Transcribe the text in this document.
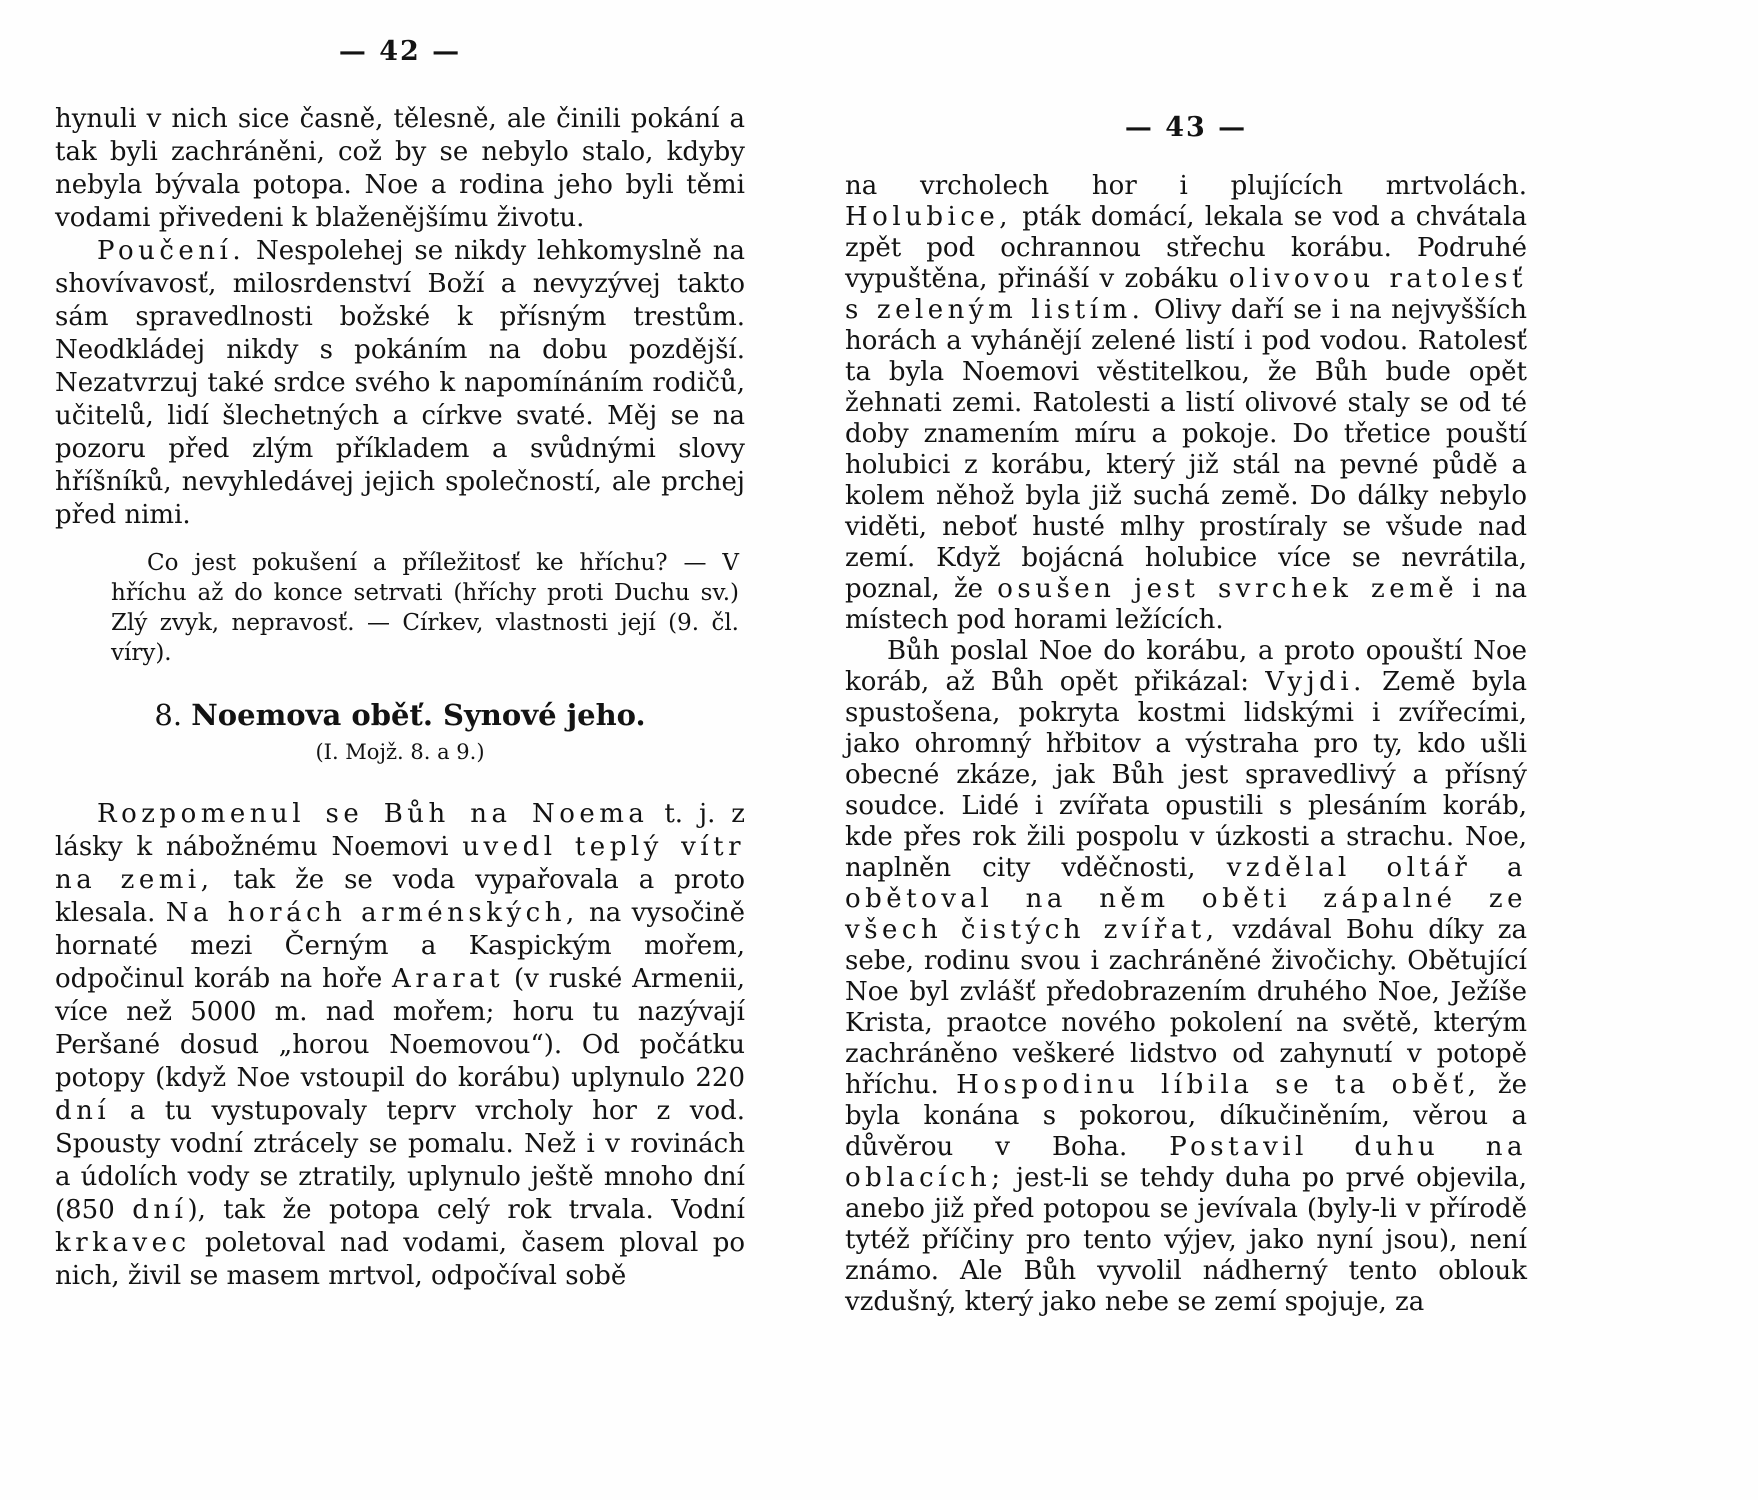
— 42 —

hynuli v nich sice časně, tělesně, ale činili pokání a tak byli zachráněni, což by se nebylo stalo, kdyby nebyla bývala potopa. Noe a rodina jeho byli těmi vodami přivedeni k blaženějšímu životu.

Poučení. Nespolehej se nikdy lehkomyslně na shovívavosť, milosrdenství Boží a nevyzývej takto sám spravedlnosti božské k přísným trestům. Neodkládej nikdy s pokáním na dobu pozdější. Nezatvrzuj také srdce svého k napomínáním rodičů, učitelů, lidí šlechetných a církve svaté. Měj se na pozoru před zlým příkladem a svůdnými slovy hříšníků, nevyhledávej jejich společností, ale prchej před nimi.

Co jest pokušení a příležitosť ke hříchu? — V hříchu až do konce setrvati (hříchy proti Duchu sv.) Zlý zvyk, nepravosť. — Církev, vlastnosti její (9. čl. víry).
8. Noemova oběť. Synové jeho.
(I. Mojž. 8. a 9.)

Rozpomenul se Bůh na Noema t. j. z lásky k nábožnému Noemovi uvedl teplý vítr na zemi, tak že se voda vypařovala a proto klesala. Na horách arménských, na vysočině hornaté mezi Černým a Kaspickým mořem, odpočinul koráb na hoře Ararat (v ruské Armenii, více než 5000 m. nad mořem; horu tu nazývají Peršané dosud „horou Noemovou“). Od počátku potopy (když Noe vstoupil do korábu) uplynulo 220 dní a tu vystupovaly teprv vrcholy hor z vod. Spousty vodní ztrácely se pomalu. Než i v rovinách a údolích vody se ztratily, uplynulo ještě mnoho dní (850 dní), tak že potopa celý rok trvala. Vodní krkavec poletoval nad vodami, časem ploval po nich, živil se masem mrtvol, odpočíval sobě

— 43 —

na vrcholech hor i plujících mrtvolách. Holubice, pták domácí, lekala se vod a chvátala zpět pod ochrannou střechu korábu. Podruhé vypuštěna, přináší v zobáku olivovou ratolesť s zeleným listím. Olivy daří se i na nejvyšších horách a vyhánějí zelené listí i pod vodou. Ratolesť ta byla Noemovi věstitelkou, že Bůh bude opět žehnati zemi. Ratolesti a listí olivové staly se od té doby znamením míru a pokoje. Do třetice pouští holubici z korábu, který již stál na pevné půdě a kolem něhož byla již suchá země. Do dálky nebylo viděti, neboť husté mlhy prostíraly se všude nad zemí. Když bojácná holubice více se nevrátila, poznal, že osušen jest svrchek země i na místech pod horami ležících.

Bůh poslal Noe do korábu, a proto opouští Noe koráb, až Bůh opět přikázal: Vyjdi. Země byla spustošena, pokryta kostmi lidskými i zvířecími, jako ohromný hřbitov a výstraha pro ty, kdo ušli obecné zkáze, jak Bůh jest spravedlivý a přísný soudce. Lidé i zvířata opustili s plesáním koráb, kde přes rok žili pospolu v úzkosti a strachu. Noe, naplněn city vděčnosti, vzdělal oltář a obětoval na něm oběti zápalné ze všech čistých zvířat, vzdával Bohu díky za sebe, rodinu svou i zachráněné živočichy. Obětující Noe byl zvlášť předobrazením druhého Noe, Ježíše Krista, praotce nového pokolení na světě, kterým zachráněno veškeré lidstvo od zahynutí v potopě hříchu. Hospodinu líbila se ta oběť, že byla konána s pokorou, díkučiněním, věrou a důvěrou v Boha. Postavil duhu na oblacích; jest-li se tehdy duha po prvé objevila, anebo již před potopou se jevívala (byly-li v přírodě tytéž příčiny pro tento výjev, jako nyní jsou), není známo. Ale Bůh vyvolil nádherný tento oblouk vzdušný, který jako nebe se zemí spojuje, za
